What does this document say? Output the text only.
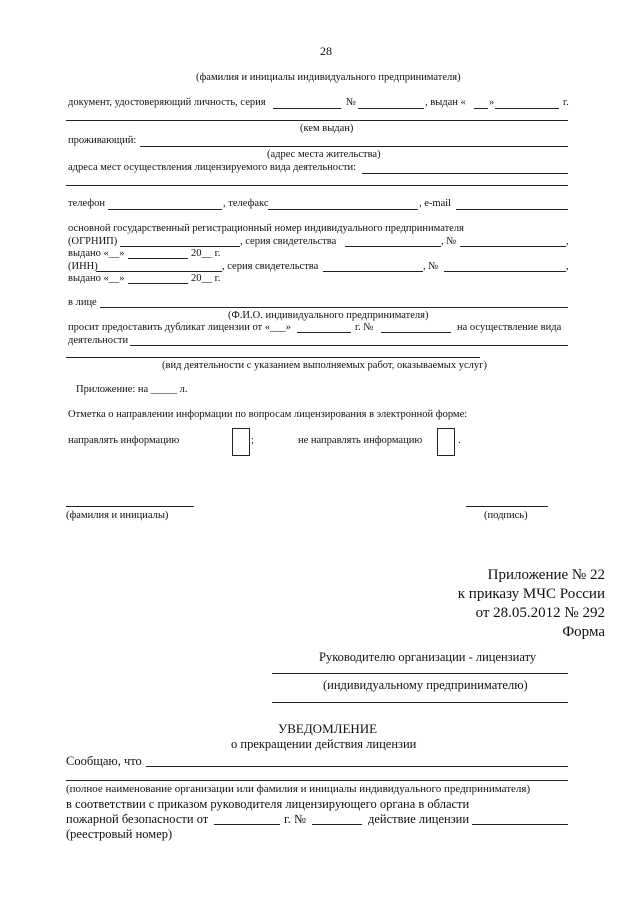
28
(фамилия и инициалы индивидуального предпринимателя)
документ, удостоверяющий личность, серия	№	, выдан « »	г.
(кем выдан)
проживающий:
(адрес места жительства)
адреса мест осуществления лицензируемого вида деятельности:
телефон	, телефакс	, e-mail
основной государственный регистрационный номер индивидуального предпринимателя
(ОГРНИП)	, серия свидетельства	, №	,
выдано «__»	20__ г.
(ИНН)	, серия свидетельства	, №	,
выдано «__»	20__ г.
в лице
(Ф.И.О. индивидуального предпринимателя)
просит предоставить дубликат лицензии от «___»	г. №	на осуществление вида
деятельности
(вид деятельности с указанием выполняемых работ, оказываемых услуг)
Приложение: на _____ л.
Отметка о направлении информации по вопросам лицензирования в электронной форме:
направлять информацию	;	не направлять информацию	.
(фамилия и инициалы)	(подпись)
Приложение № 22
к приказу МЧС России
от 28.05.2012 № 292
Форма
Руководителю организации - лицензиату
(индивидуальному предпринимателю)
УВЕДОМЛЕНИЕ
о прекращении действия лицензии
Сообщаю, что
(полное наименование организации или фамилия и инициалы индивидуального предпринимателя)
в соответствии с приказом руководителя лицензирующего органа в области
пожарной безопасности от	г. №	действие лицензии
(реестровый номер)
